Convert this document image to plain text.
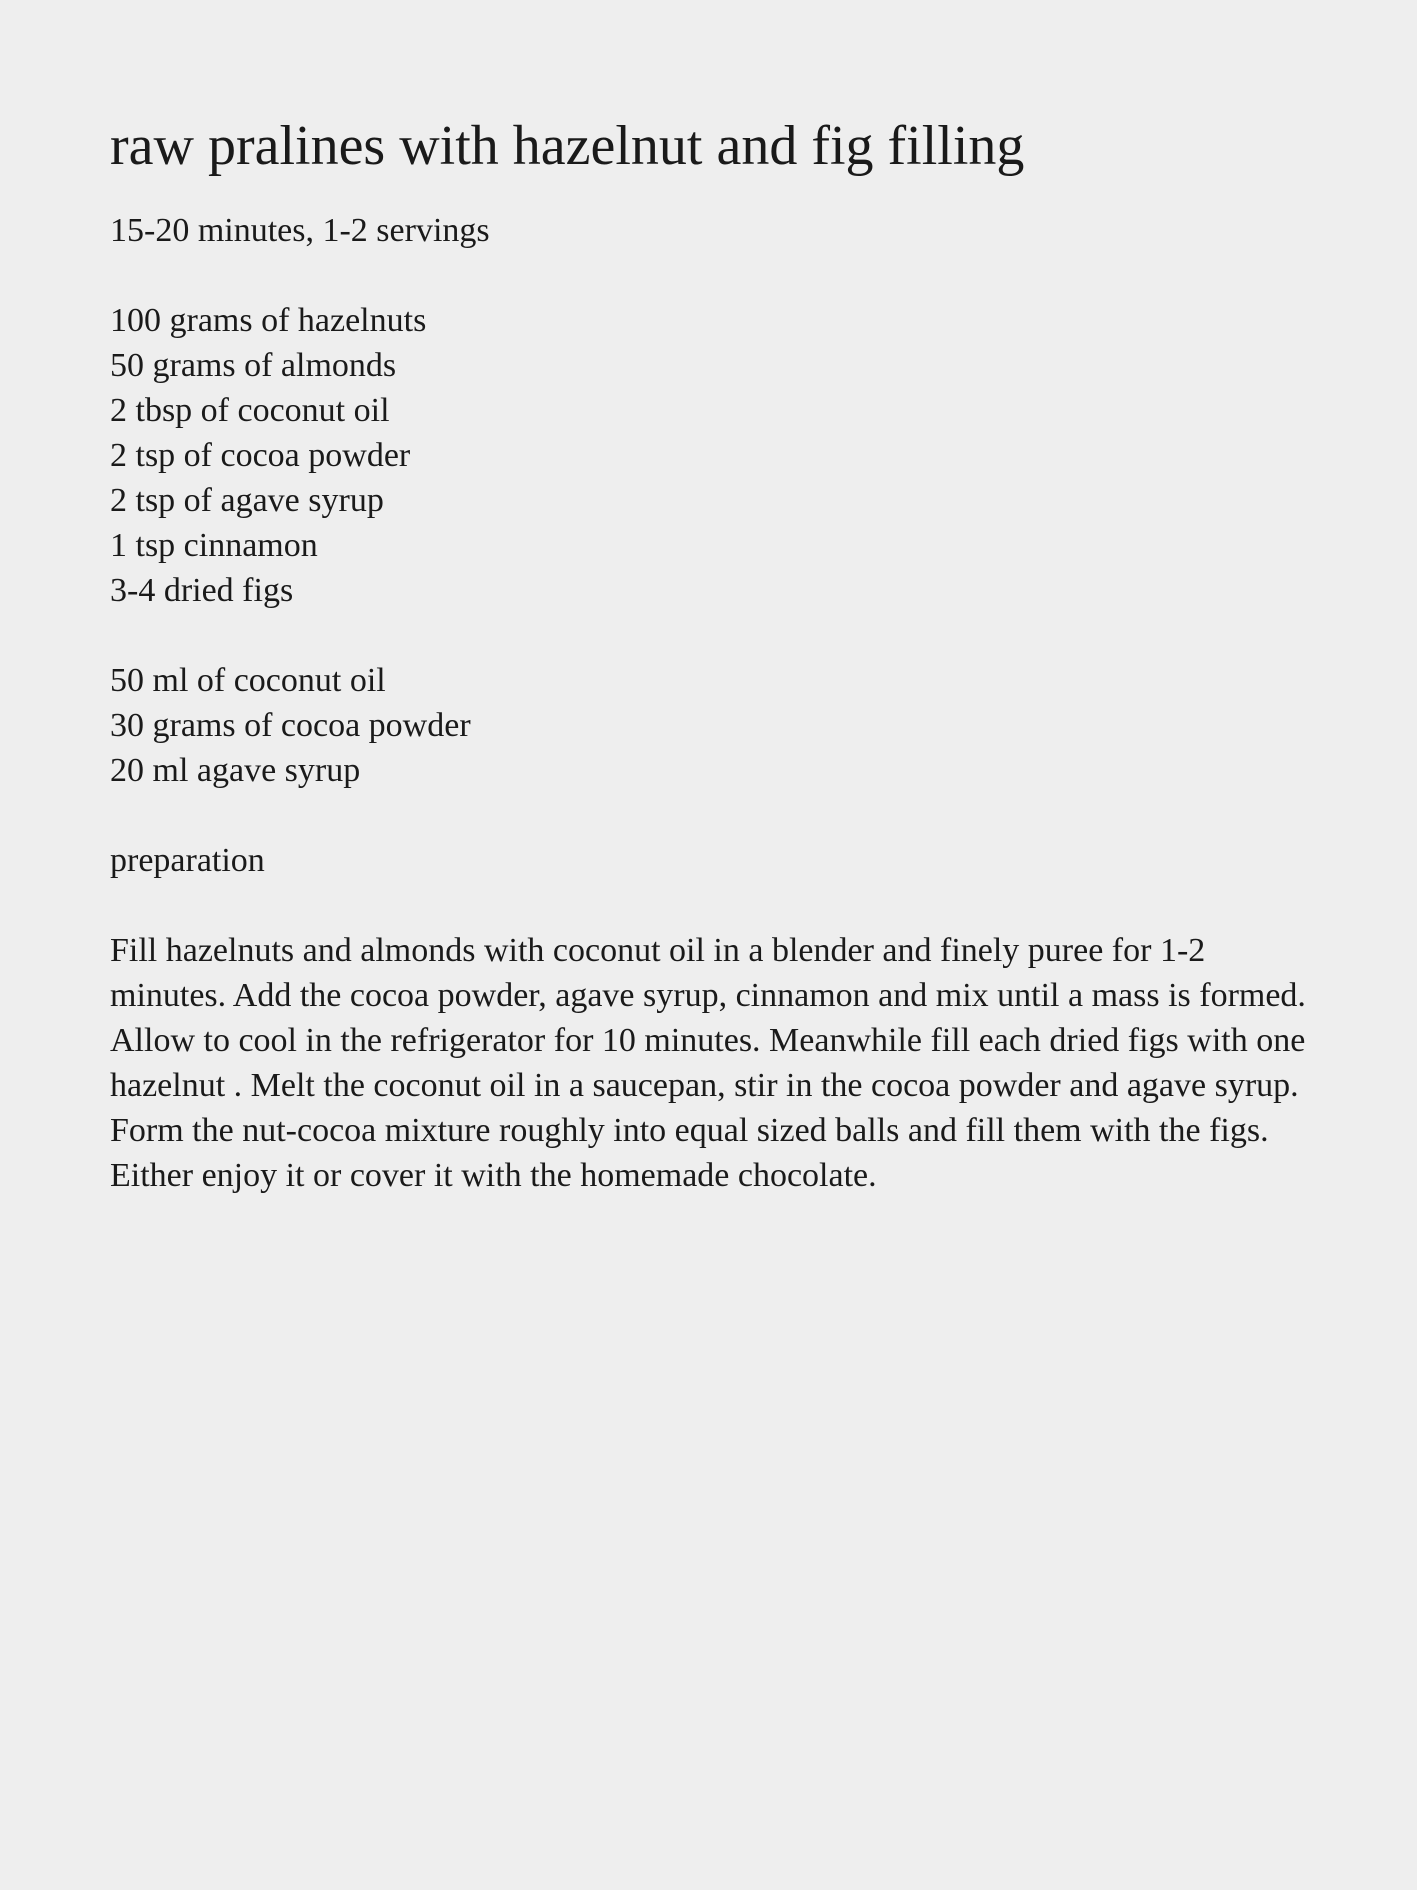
raw pralines with hazelnut and fig filling

15-20 minutes, 1-2 servings

100 grams of hazelnuts
50 grams of almonds
2 tbsp of coconut oil
2 tsp of cocoa powder
2 tsp of agave syrup
1 tsp cinnamon
3-4 dried figs
50 ml of coconut oil
30 grams of cocoa powder
20 ml agave syrup

preparation

Fill hazelnuts and almonds with coconut oil in a blender and finely puree for 1-2 minutes. Add the cocoa powder, agave syrup, cinnamon and mix until a mass is formed.

Allow to cool in the refrigerator for 10 minutes. Meanwhile fill each dried figs with one hazelnut . Melt the coconut oil in a saucepan, stir in the cocoa powder and agave syrup.

Form the nut-cocoa mixture roughly into equal sized balls and fill them with the figs. Either enjoy it or cover it with the homemade chocolate.
